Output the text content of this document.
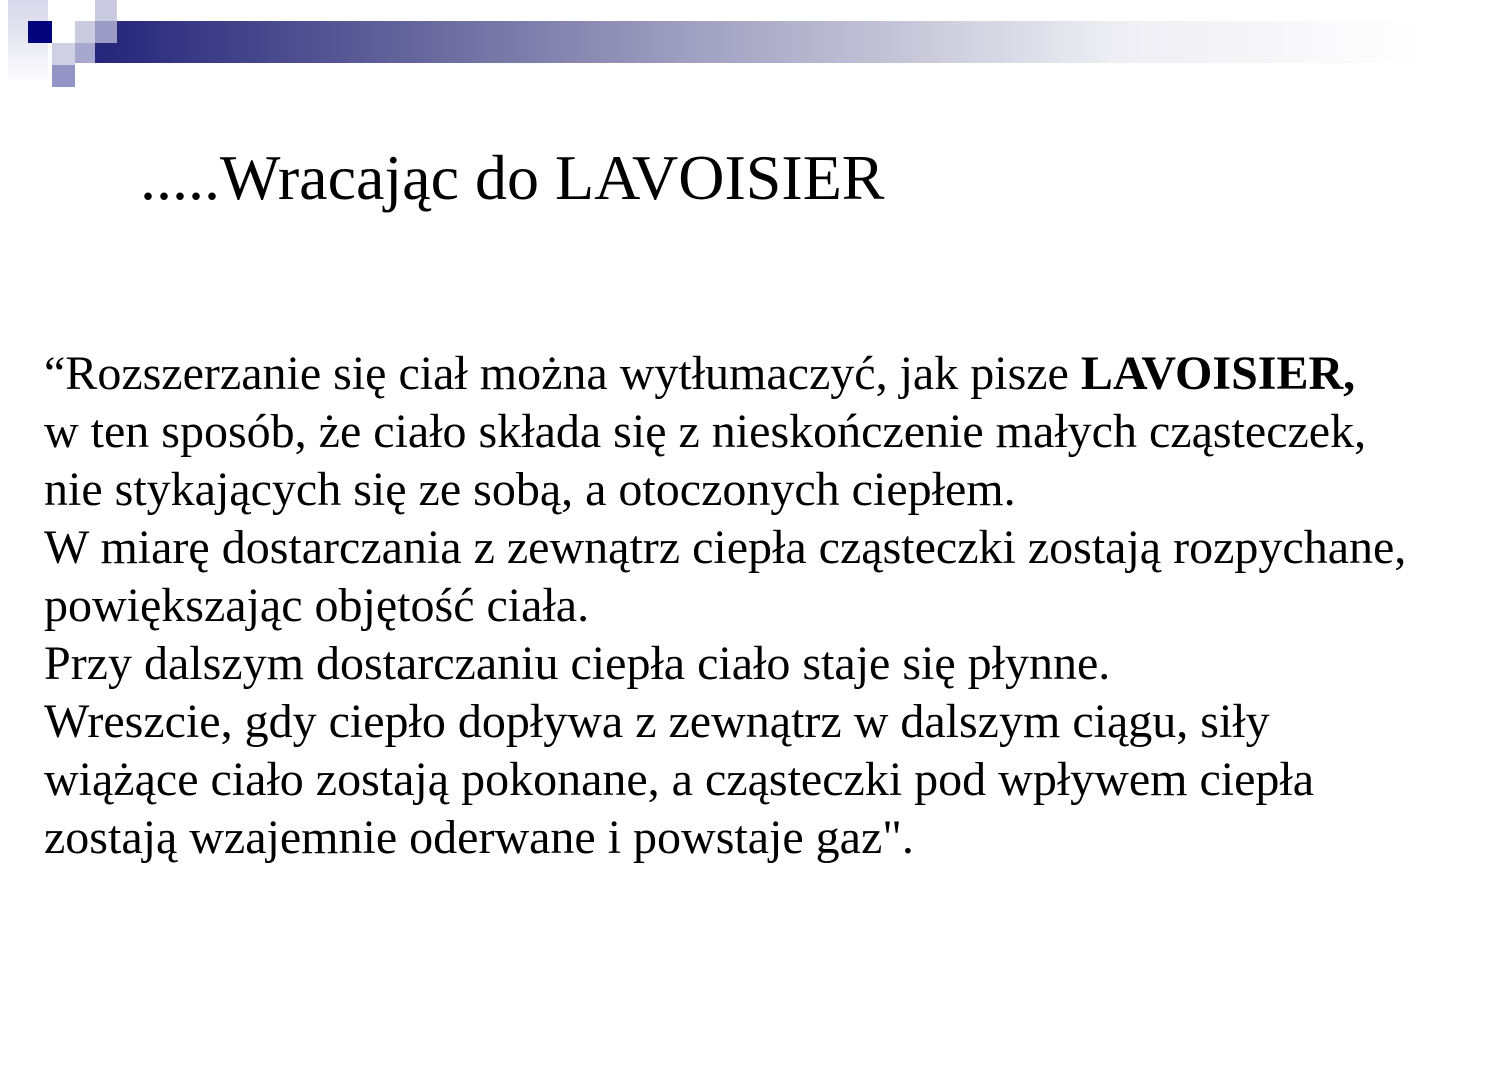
.....Wracając do LAVOISIER

“Rozszerzanie się ciał można wytłumaczyć, jak pisze LAVOISIER,
w ten sposób, że ciało składa się z nieskończenie małych cząsteczek,
nie stykających się ze sobą, a otoczonych ciepłem.
W miarę dostarczania z zewnątrz ciepła cząsteczki zostają rozpychane,
powiększając objętość ciała.
Przy dalszym dostarczaniu ciepła ciało staje się płynne.
Wreszcie, gdy ciepło dopływa z zewnątrz w dalszym ciągu, siły
wiążące ciało zostają pokonane, a cząsteczki pod wpływem ciepła
zostają wzajemnie oderwane i powstaje gaz".
